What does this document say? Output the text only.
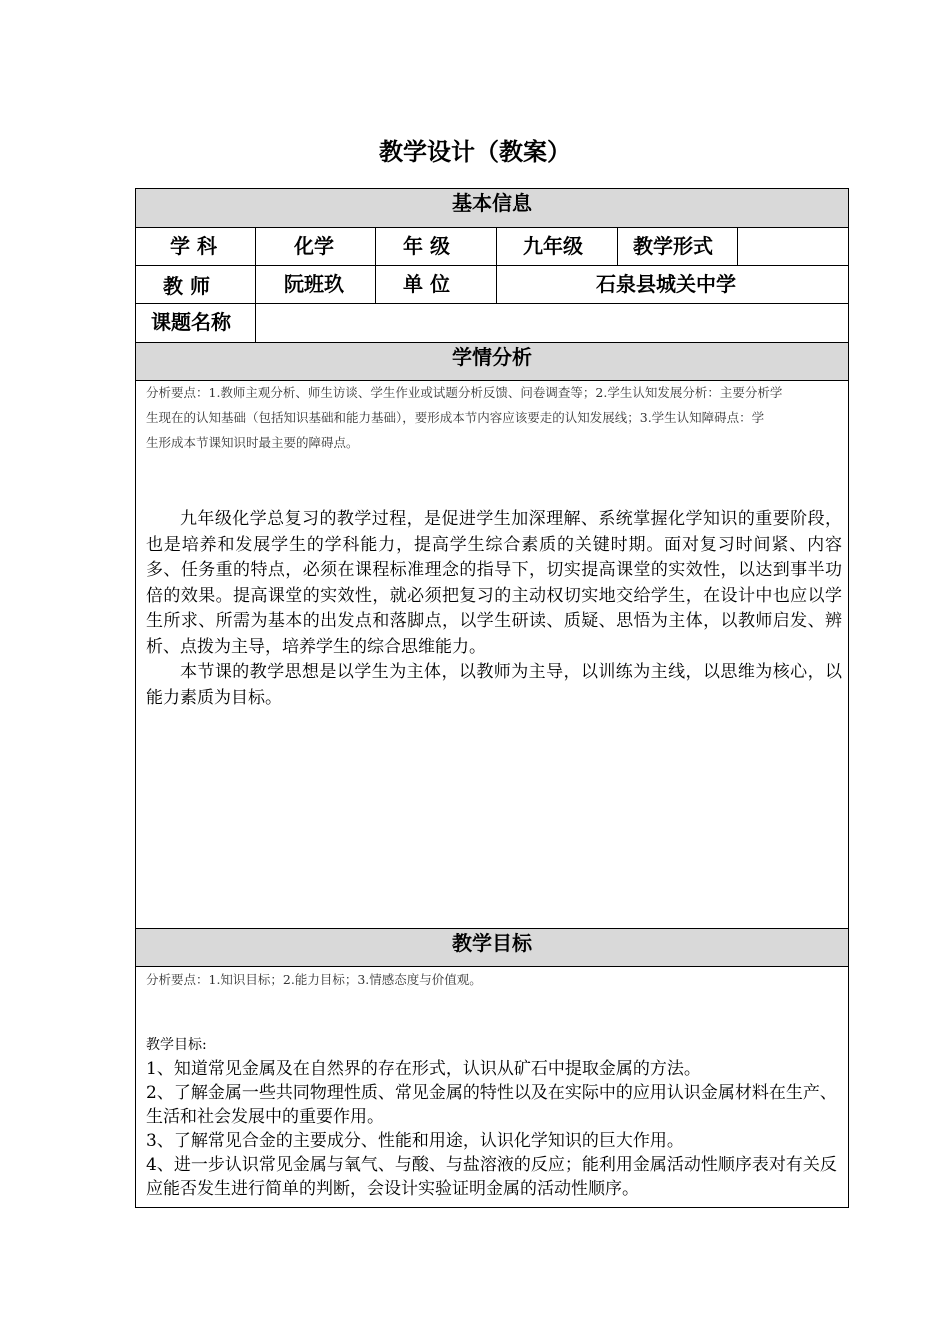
教学设计（教案）
基本信息
学 科	化学	年 级	九年级	教学形式
教 师	阮班玖	单 位	石泉县城关中学
课题名称
学情分析
分析要点：1.教师主观分析、师生访谈、学生作业或试题分析反馈、问卷调查等；2.学生认知发展分析：主要分析学
生现在的认知基础（包括知识基础和能力基础），要形成本节内容应该要走的认知发展线；3.学生认知障碍点：学
生形成本节课知识时最主要的障碍点。

九年级化学总复习的教学过程，是促进学生加深理解、系统掌握化学知识的重要阶段，也是培养和发展学生的学科能力，提高学生综合素质的关键时期。面对复习时间紧、内容多、任务重的特点，必须在课程标准理念的指导下，切实提高课堂的实效性，以达到事半功倍的效果。提高课堂的实效性，就必须把复习的主动权切实地交给学生，在设计中也应以学生所求、所需为基本的出发点和落脚点，以学生研读、质疑、思悟为主体，以教师启发、辨析、点拨为主导，培养学生的综合思维能力。

本节课的教学思想是以学生为主体，以教师为主导，以训练为主线，以思维为核心，以能力素质为目标。

教学目标
分析要点：1.知识目标；2.能力目标；3.情感态度与价值观。
教学目标:
1、知道常见金属及在自然界的存在形式，认识从矿石中提取金属的方法。
2、了解金属一些共同物理性质、常见金属的特性以及在实际中的应用认识金属材料在生产、生活和社会发展中的重要作用。
3、了解常见合金的主要成分、性能和用途，认识化学知识的巨大作用。
4、进一步认识常见金属与氧气、与酸、与盐溶液的反应；能利用金属活动性顺序表对有关反应能否发生进行简单的判断，会设计实验证明金属的活动性顺序。
